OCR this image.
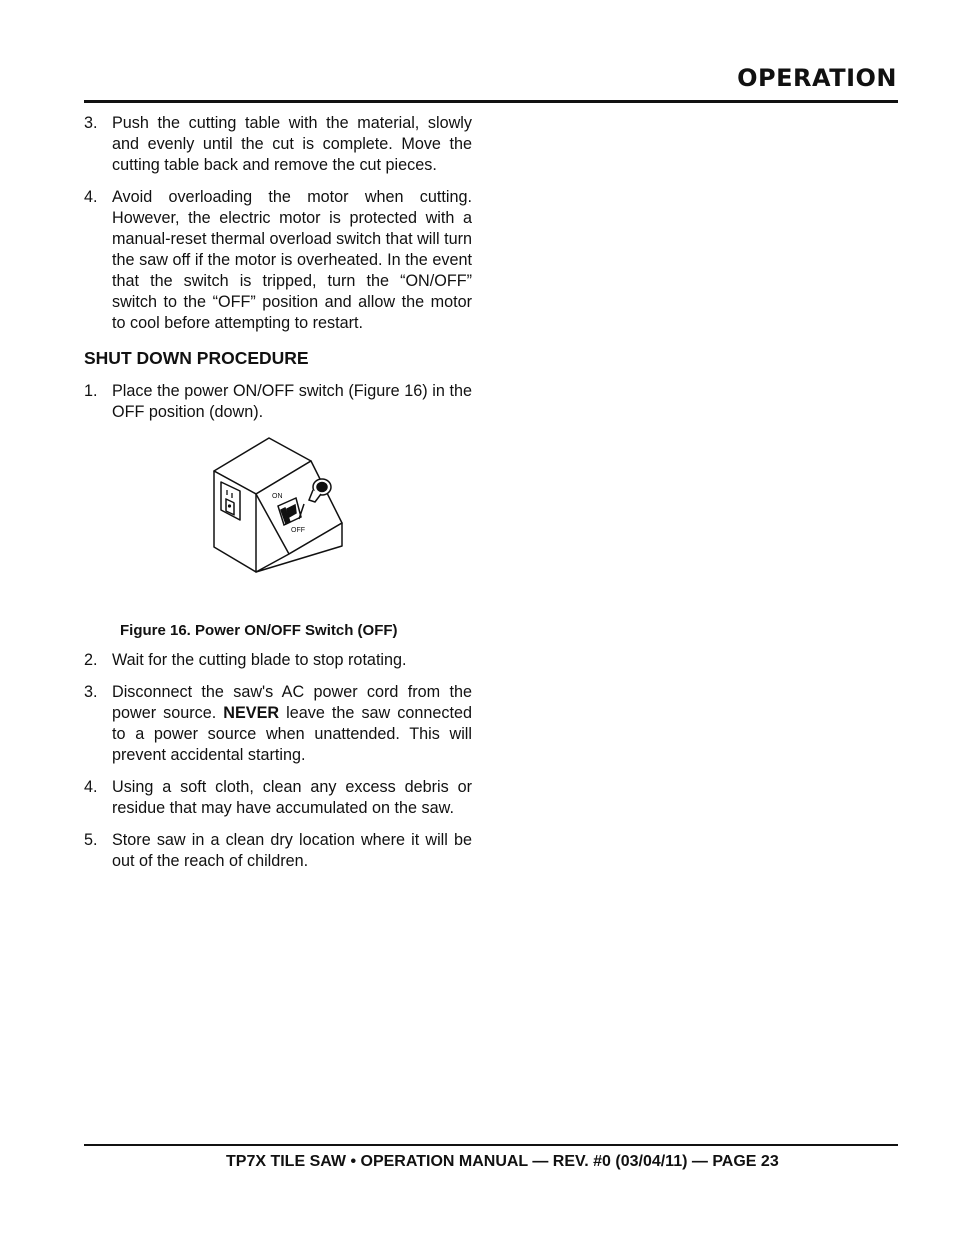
OPERATION
3. Push the cutting table with the material, slowly and evenly until the cut is complete. Move the cutting table back and remove the cut pieces.
4. Avoid overloading the motor when cutting. However, the electric motor is protected with a manual-reset thermal overload switch that will turn the saw off if the motor is overheated. In the event that the switch is tripped, turn the “ON/OFF” switch to the “OFF” position and allow the motor to cool before attempting to restart.
SHUT DOWN PROCEDURE
1. Place the power ON/OFF switch (Figure 16) in the OFF position (down).
ON
OFF

Figure 16. Power ON/OFF Switch (OFF)

2. Wait for the cutting blade to stop rotating.
3. Disconnect the saw's AC power cord from the power source. NEVER leave the saw connected to a power source when unattended. This will prevent accidental starting.
4. Using a soft cloth, clean any excess debris or residue that may have accumulated on the saw.
5. Store saw in a clean dry location where it will be out of the reach of children.
TP7X TILE SAW • OPERATION MANUAL — REV. #0 (03/04/11) — PAGE 23
